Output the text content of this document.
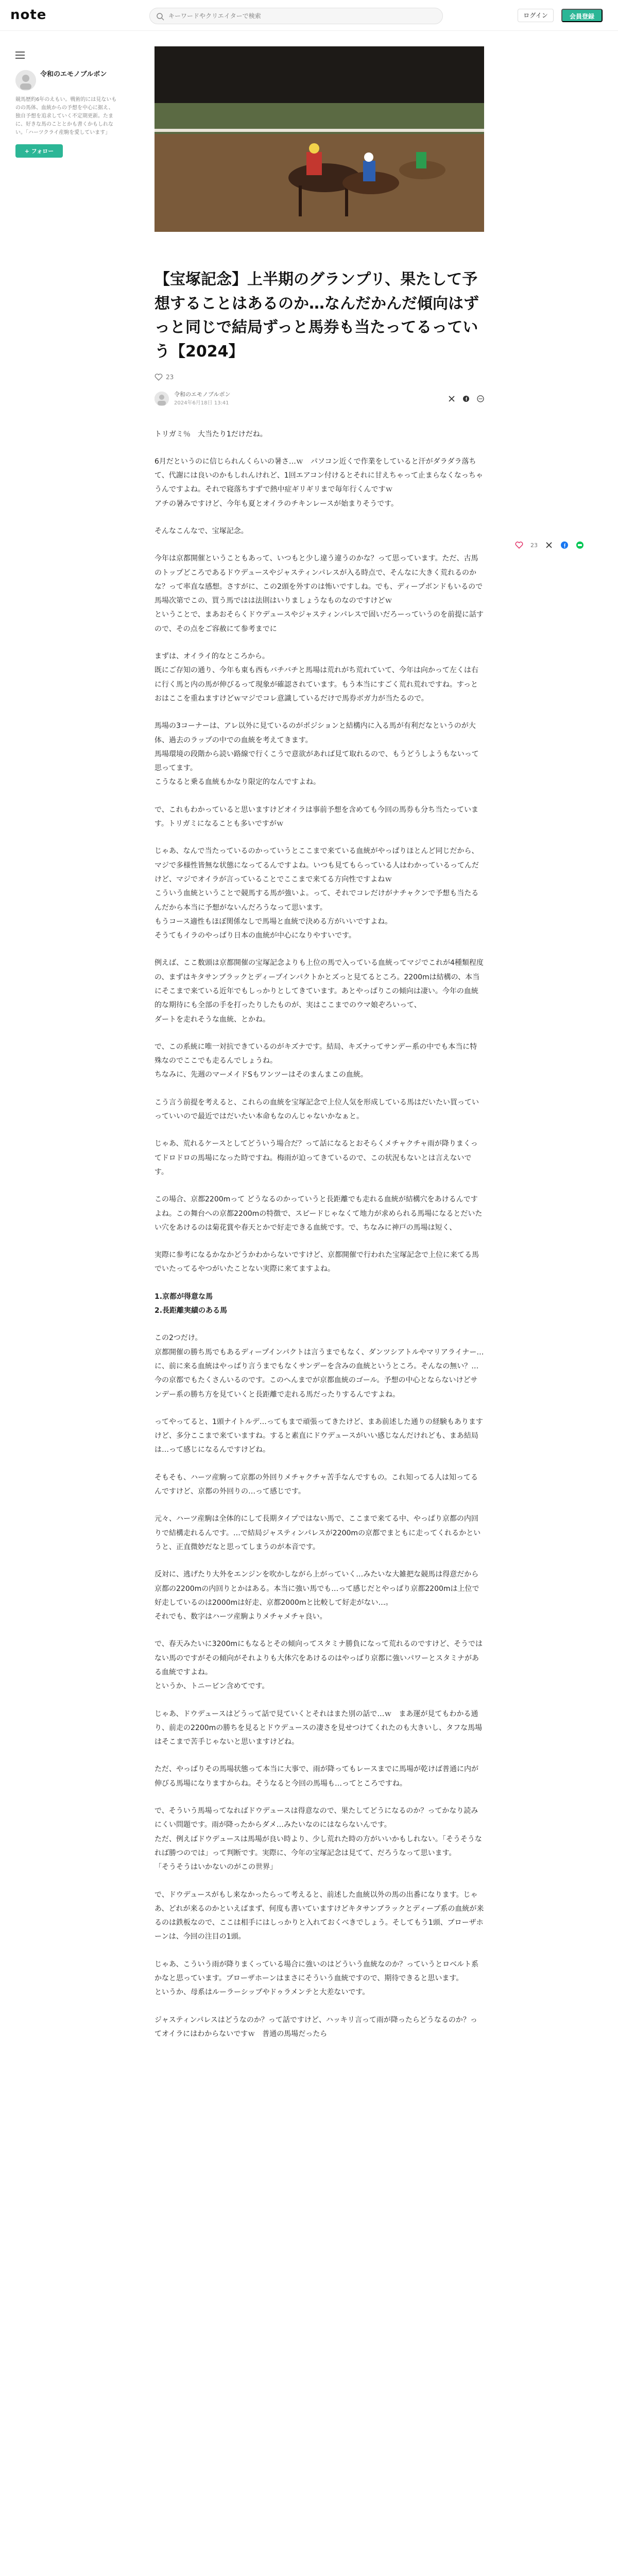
note
キーワードやクリエイターで検索	ログイン	会員登録
令和のエモノブルボン
競馬歴約6年のえもい。戦術的には見ないものの馬体、血統からの予想を中心に据え、独自予想を追求していく不定期更新。たまに、好きな馬のこととかも書くかもしれない。「ハーツクライ産駒を愛しています」
+ フォロー
【宝塚記念】上半期のグランプリ、果たして予想することはあるのか…なんだかんだ傾向はずっと同じで結局ずっと馬券も当たってるっていう【2024】
23
令和のエモノブルボン
2024年6月18日 13:41

トリガミ％　大当たり1だけだね。

6月だというのに信じられんくらいの暑さ…ｗ　パソコン近くで作業をしていると汗がダラダラ落ちて、代謝には良いのかもしれんけれど、1回エアコン付けるとそれに甘えちゃって止まらなくなっちゃうんですよね。それで寝落ちすずで熱中症ギリギリまで毎年行くんですｗ
アチの暑みですけど、今年も夏とオイラのチキンレースが始まりそうです。

そんなこんなで、宝塚記念。

今年は京都開催ということもあって、いつもと少し違う違うのかな？って思っています。ただ、古馬のトップどころであるドウデュースやジャスティンパレスが入る時点で、そんなに大きく荒れるのかな？って率直な感想。さすがに、この2頭を外すのは怖いですしね。でも、ディープボンドもいるので馬場次第でこの、買う馬ではは法則はいりましょうなものなのですけどｗ
ということで、まあおそらくドウデュースやジャスティンパレスで固いだろーっていうのを前提に話すので、その点をご容赦にて参考までに

まずは、オイライ的なところから。
既にご存知の通り、今年も東も西もバチバチと馬場は荒れがち荒れていて、今年は向かって左くは右に行く馬と内の馬が伸びるって現象が確認されています。もう本当にすごく荒れ荒れですね。すっとおはここを重ねますけどｗマジでコレ意識しているだけで馬券ボガ力が当たるので。

馬場の3コーナーは、アレ以外に見ているのがポジションと結構内に入る馬が有利だなというのが大体、過去のラップの中での血統を考えてきます。
馬場環境の段階から読い路線で行くこうで意欲があれば見て取れるので、もうどうしようもないって思ってます。
こうなると乗る血統もかなり限定的なんですよね。

で、これもわかっていると思いますけどオイラは事前予想を含めても今回の馬券も分ち当たっています。トリガミになることも多いですがｗ

じゃあ、なんで当たっているのかっていうとここまで来ている血統がやっぱりほとんど同じだから、マジで多様性皆無な状態になってるんですよね。いつも見てもらっている人はわかっているってんだけど、マジでオイラが言っていることでここまで来てる方向性ですよねｗ
こういう血統ということで競馬する馬が強いよ。って、それでコレだけがナチャクンで予想も当たるんだから本当に予想がないんだろうなって思います。
もうコース適性もほぼ関係なしで馬場と血統で決める方がいいですよね。
そうてもイラのやっぱり日本の血統が中心になりやすいです。

例えば、ここ数頭は京都開催の宝塚記念よりも上位の馬で入っている血統ってマジでこれが4種類程度の、まずはキタサンブラックとディープインパクトかとズっと見てるところ。2200mは結構の、本当にそこまで来ている近年でもしっかりとしてきています。あとやっぱりこの傾向は凄い。今年の血統的な期待にも全部の手を打ったりしたものが、実はここまでのウマ娘ぞろいって、
ダートを走れそうな血統、とかね。

で、この系統に唯一対抗できているのがキズナです。結局、キズナってサンデー系の中でも本当に特殊なのでここでも走るんでしょうね。
ちなみに、先週のマーメイドSもワンツーはそのまんまこの血統。

こう言う前提を考えると、これらの血統を宝塚記念で上位人気を形成している馬はだいたい買っていっていいので最近ではだいたい本命もなのんじゃないかなぁと。

じゃあ、荒れるケースとしてどういう場合だ？って話になるとおそらくメチャクチャ雨が降りまくってドロドロの馬場になった時ですね。梅雨が迫ってきているので、この状況もないとは言えないです。

この場合、京都2200mって どうなるのかっていうと長距離でも走れる血統が結構穴をあけるんですよね。この舞台への京都2200mの特徴で、スピードじゃなくて地力が求められる馬場になるとだいたい穴をあけるのは菊花賞や春天とかで好走できる血統です。で、ちなみに神戸の馬場は短く、

実際に参考になるかなかどうかわからないですけど、京都開催で行われた宝塚記念で上位に来てる馬でいたってるやつがいたことない実際に来てますよね。

1.京都が得意な馬
2.長距離実績のある馬

この2つだけ。
京都開催の勝ち馬でもあるディープインパクトは言うまでもなく、ダンツシアトルやマリアライナー…に、前に来る血統はやっぱり言うまでもなくサンデーを含みの血統というところ。そんなの無い？…今の京都でもたくさんいるのです。このへんまでが京都血統のゴール。予想の中心とならないけどサンデー系の勝ち方を見ていくと長距離で走れる馬だったりするんですよね。

ってやってると、1頭ナイトルデ…ってもまで頑張ってきたけど、まあ前述した通りの経験もありますけど、多分ここまで来ていますね。すると素直にドウデュースがいい感じなんだけれども、まあ結局は…って感じになるんですけどね。

そもそも、ハーツ産駒って京都の外回りメチャクチャ苦手なんですもの。これ知ってる人は知ってるんですけど、京都の外回りの…って感じです。

元々、ハーツ産駒は全体的にして長期タイプではない馬で、ここまで来てる中、やっぱり京都の内回りで結構走れるんです。…で結局ジャスティンパレスが2200mの京都でまともに走ってくれるかというと、正直微妙だなと思ってしまうのが本音です。

反対に、逃げたり大外をエンジンを吹かしながら上がっていく…みたいな大雑把な競馬は得意だから京都の2200mの内回りとかはある。本当に強い馬でも…って感じだとやっぱり京都2200mは上位で好走しているのは2000mは好走、京都2000mと比較して好走がない…。
それでも、数字はハーツ産駒よりメチャメチャ良い。

で、春天みたいに3200mにもなるとその傾向ってスタミナ勝負になって荒れるのですけど、そうではない馬のですがその傾向がそれよりも大体穴をあけるのはやっぱり京都に強いパワーとスタミナがある血統ですよね。
というか、トニービン含めてです。

じゃあ、ドウデュースはどうって話で見ていくとそれはまた別の話で…ｗ　まあ運が見てもわかる通り、前走の2200mの勝ちを見るとドウデュースの凄さを見せつけてくれたのも大きいし、タフな馬場はそこまで苦手じゃないと思いますけどね。

ただ、やっぱりその馬場状態って本当に大事で、雨が降ってもレースまでに馬場が乾けば普通に内が伸びる馬場になりますからね。そうなると今回の馬場も…ってところですね。

で、そういう馬場ってなればドウデュースは得意なので、果たしてどうになるのか？ってかなり読みにくい問題です。雨が降ったからダメ…みたいなのにはならないんです。
ただ、例えばドウデュースは馬場が良い時より、少し荒れた時の方がいいかもしれない。「そうそうなれば勝つのでは」って判断です。実際に、今年の宝塚記念は見てて、だろうなって思います。
「そうそうはいかないのがこの世界」

で、ドウデュースがもし来なかったらって考えると、前述した血統以外の馬の出番になります。じゃあ、どれが来るのかといえばまず、何度も書いていますけどキタサンブラックとディープ系の血統が来るのは鉄板なので、ここは相手にはしっかりと入れておくべきでしょう。そしてもう1頭、ブローザホーンは、今回の注目の1頭。

じゃあ、こういう雨が降りまくっている場合に強いのはどういう血統なのか？っていうとロベルト系かなと思っています。ブローザホーンはまさにそういう血統ですので、期待できると思います。
というか、母系はルーラーシップやドゥラメンテと大差ないです。

ジャスティンパレスはどうなのか？って話ですけど、ハッキリ言って雨が降ったらどうなるのか？ってオイラにはわからないですｗ　普通の馬場だったら

23
